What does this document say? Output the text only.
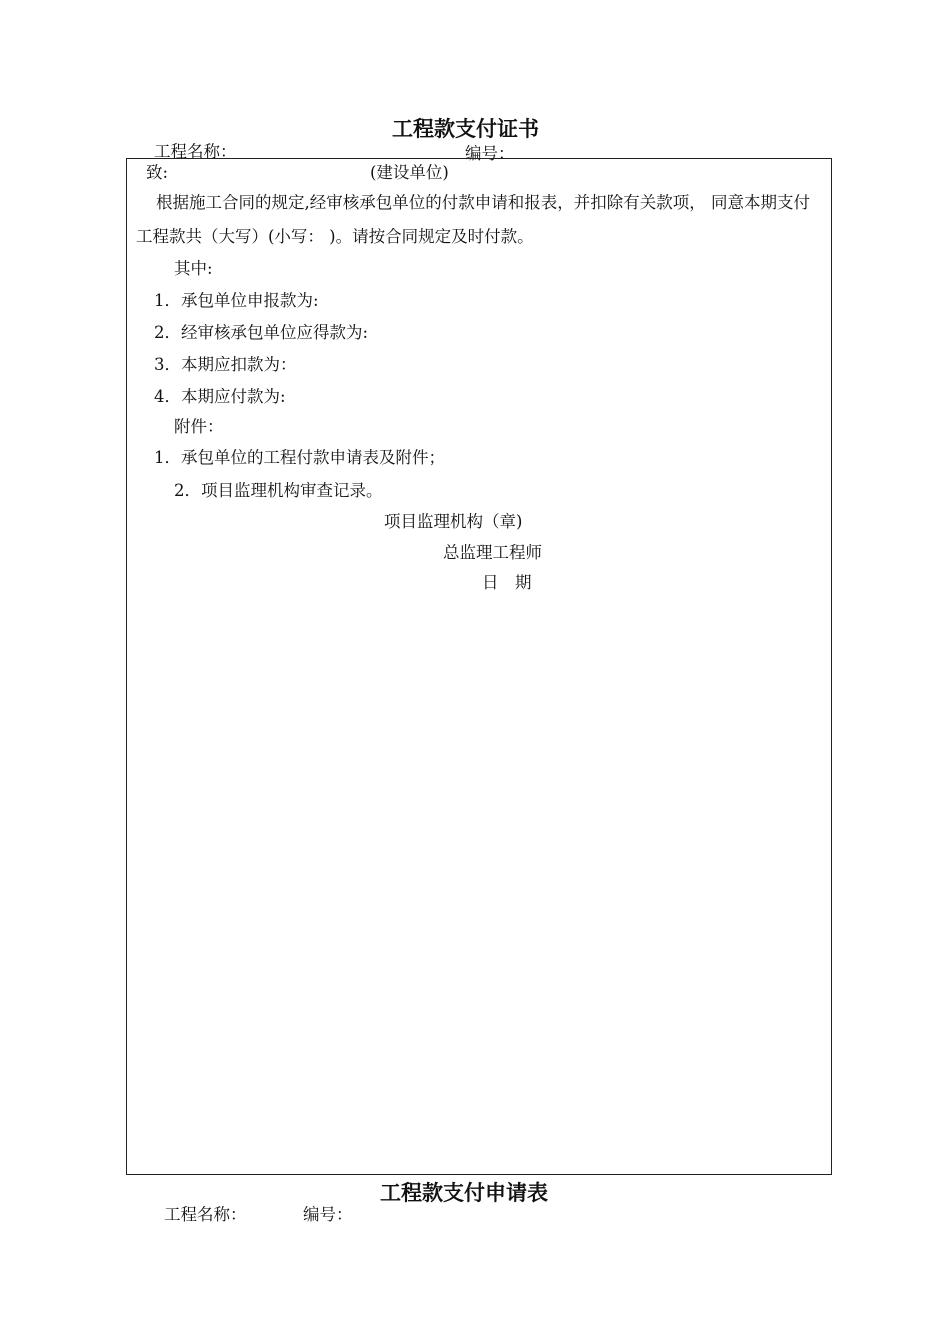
工程款支付证书
工程名称：	编号：
致:	(建设单位)
根据施工合同的规定,经审核承包单位的付款申请和报表，并扣除有关款项， 同意本期支付工程款共（大写）(小写： )。请按合同规定及时付款。
其中:
1．承包单位申报款为:
2．经审核承包单位应得款为:
3．本期应扣款为：
4．本期应付款为:
附件：
1．承包单位的工程付款申请表及附件；
2．项目监理机构审查记录。
项目监理机构（章)
总监理工程师
日　期
工程款支付申请表
工程名称：	编号：
